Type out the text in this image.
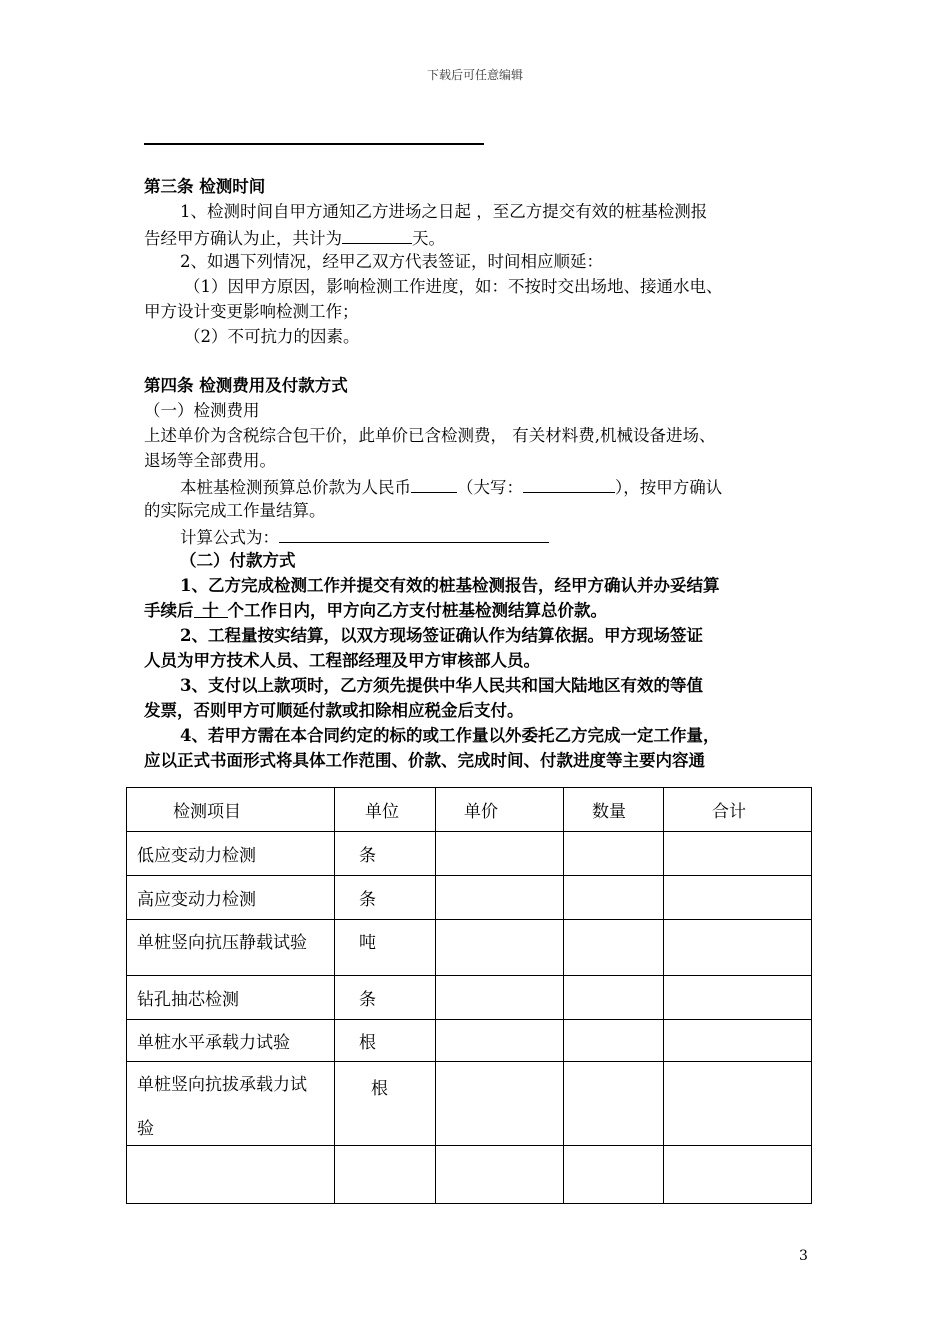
下载后可任意编辑
第三条 检测时间
1、检测时间自甲方通知乙方进场之日起 ，至乙方提交有效的桩基检测报
告经甲方确认为止，共计为	天。
2、如遇下列情况，经甲乙双方代表签证，时间相应顺延：
（1）因甲方原因，影响检测工作进度，如：不按时交出场地、接通水电、
甲方设计变更影响检测工作；
（2）不可抗力的因素。
第四条 检测费用及付款方式
（一）检测费用
上述单价为含税综合包干价，此单价已含检测费， 有关材料费,机械设备进场、
退场等全部费用。
本桩基检测预算总价款为人民币	（大写：	），按甲方确认
的实际完成工作量结算。
计算公式为：
（二）付款方式
1、乙方完成检测工作并提交有效的桩基检测报告，经甲方确认并办妥结算
手续后 十 个工作日内，甲方向乙方支付桩基检测结算总价款。
2、工程量按实结算，以双方现场签证确认作为结算依据。甲方现场签证
人员为甲方技术人员、工程部经理及甲方审核部人员。
3、支付以上款项时，乙方须先提供中华人民共和国大陆地区有效的等值
发票，否则甲方可顺延付款或扣除相应税金后支付。
4、若甲方需在本合同约定的标的或工作量以外委托乙方完成一定工作量，
应以正式书面形式将具体工作范围、价款、完成时间、付款进度等主要内容通
检测项目	单位	单价	数量	合计
低应变动力检测	条			
高应变动力检测	条			
单桩竖向抗压静载试验	吨			
钻孔抽芯检测	条			
单桩水平承载力试验	根			

单桩竖向抗拔承载力试
验	根			

3
